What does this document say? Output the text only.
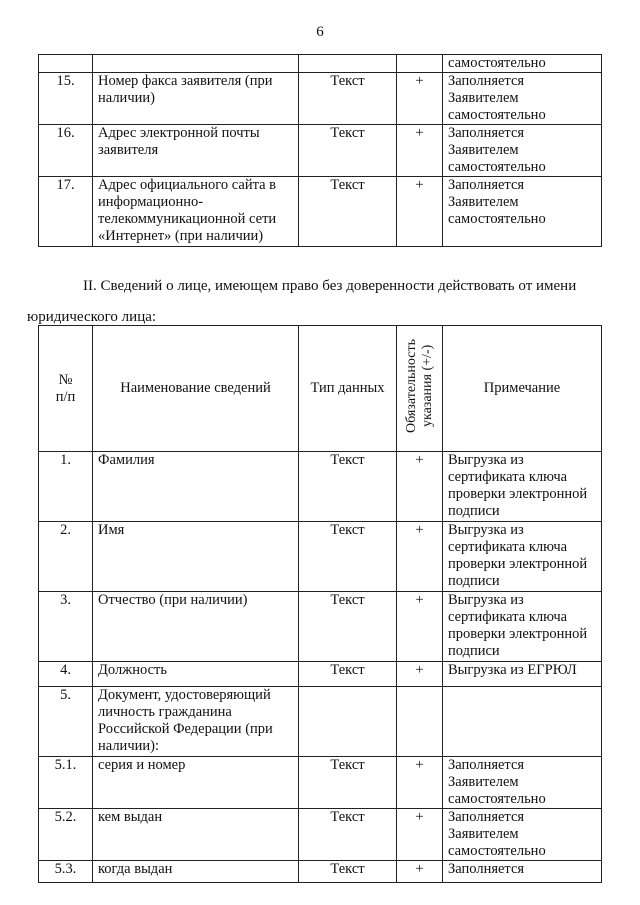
6
				самостоятельно
15.	Номер факса заявителя (при наличии)	Текст	+	Заполняется
Заявителем
самостоятельно
16.	Адрес электронной почты заявителя	Текст	+	Заполняется
Заявителем
самостоятельно
17.	Адрес официального сайта в информационно-телекоммуникационной сети «Интернет» (при наличии)	Текст	+	Заполняется
Заявителем
самостоятельно
II. Сведений о лице, имеющем право без доверенности действовать от имени
юридического лица:
№
п/п	Наименование сведений	Тип данных	Обязательность указания (+/-)	Примечание
1.	Фамилия	Текст	+	Выгрузка из
сертификата ключа
проверки электронной
подписи
2.	Имя	Текст	+	Выгрузка из
сертификата ключа
проверки электронной
подписи
3.	Отчество (при наличии)	Текст	+	Выгрузка из
сертификата ключа
проверки электронной
подписи
4.	Должность	Текст	+	Выгрузка из ЕГРЮЛ
5.	Документ, удостоверяющий личность гражданина Российской Федерации (при наличии):			
5.1.	серия и номер	Текст	+	Заполняется
Заявителем
самостоятельно
5.2.	кем выдан	Текст	+	Заполняется
Заявителем
самостоятельно
5.3.	когда выдан	Текст	+	Заполняется
